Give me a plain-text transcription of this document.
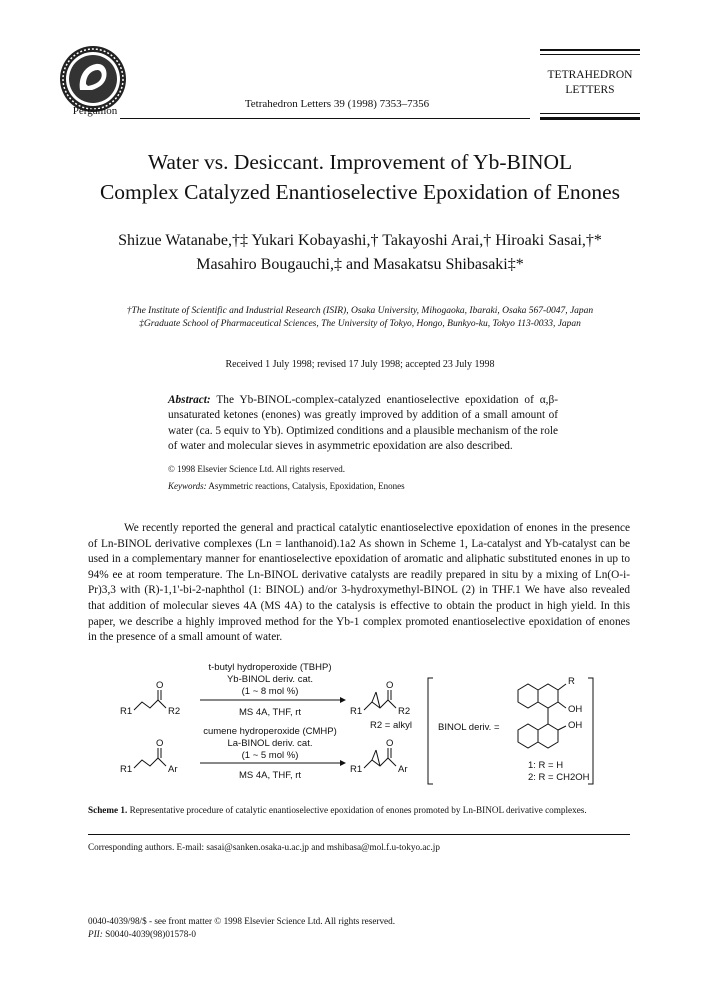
Pergamon
Tetrahedron Letters 39 (1998) 7353–7356
TETRAHEDRON
LETTERS
Water vs. Desiccant. Improvement of Yb-BINOL
Complex Catalyzed Enantioselective Epoxidation of Enones
Shizue Watanabe,†‡ Yukari Kobayashi,† Takayoshi Arai,† Hiroaki Sasai,†*
Masahiro Bougauchi,‡ and Masakatsu Shibasaki‡*
†The Institute of Scientific and Industrial Research (ISIR), Osaka University, Mihogaoka, Ibaraki, Osaka 567-0047, Japan
‡Graduate School of Pharmaceutical Sciences, The University of Tokyo, Hongo, Bunkyo-ku, Tokyo 113-0033, Japan
Received 1 July 1998; revised 17 July 1998; accepted 23 July 1998
Abstract: The Yb-BINOL-complex-catalyzed enantioselective epoxidation of α,β-unsaturated ketones (enones) was greatly improved by addition of a small amount of water (ca. 5 equiv to Yb). Optimized conditions and a plausible mechanism of the role of water and molecular sieves in asymmetric epoxidation are also described.
© 1998 Elsevier Science Ltd. All rights reserved.
Keywords: Asymmetric reactions, Catalysis, Epoxidation, Enones
We recently reported the general and practical catalytic enantioselective epoxidation of enones in the presence of Ln-BINOL derivative complexes (Ln = lanthanoid).1a2 As shown in Scheme 1, La-catalyst and Yb-catalyst can be used in a complementary manner for enantioselective epoxidation of aromatic and aliphatic substituted enones in up to 94% ee at room temperature. The Ln-BINOL derivative catalysts are readily prepared in situ by a mixing of Ln(O-i-Pr)3,3 with (R)-1,1'-bi-2-naphthol (1: BINOL) and/or 3-hydroxymethyl-BINOL (2) in THF.1 We have also revealed that addition of molecular sieves 4A (MS 4A) to the catalysis is effective to obtain the product in high yield. In this paper, we describe a highly improved method for the Yb-1 complex promoted enantioselective epoxidation of enones in the presence of a small amount of water.
O
R1	R2
t-butyl hydroperoxide (TBHP)
Yb-BINOL deriv. cat.
(1 ~ 8 mol %)
MS 4A, THF, rt
O
R1	R2
R2 = alkyl
O
R1	Ar
cumene hydroperoxide (CMHP)
La-BINOL deriv. cat.
(1 ~ 5 mol %)
MS 4A, THF, rt
O
R1	Ar
BINOL deriv. =
R
OH
OH
1: R = H
2: R = CH2OH
Scheme 1. Representative procedure of catalytic enantioselective epoxidation of enones promoted by Ln-BINOL derivative complexes.
Corresponding authors. E-mail: sasai@sanken.osaka-u.ac.jp and mshibasa@mol.f.u-tokyo.ac.jp
0040-4039/98/$ - see front matter © 1998 Elsevier Science Ltd. All rights reserved.
PII: S0040-4039(98)01578-0
